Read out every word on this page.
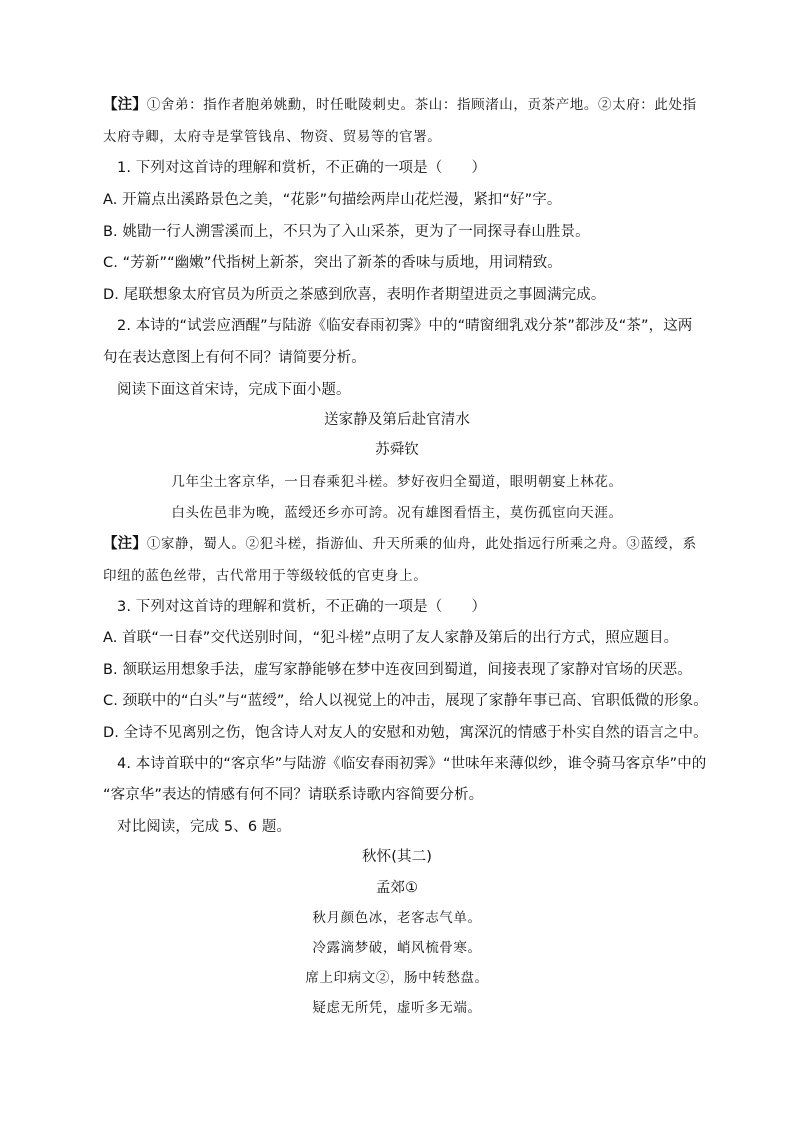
【注】①舍弟：指作者胞弟姚勳，时任毗陵刺史。茶山：指顾渚山，贡茶产地。②太府：此处指
太府寺卿，太府寺是掌管钱帛、物资、贸易等的官署。
1. 下列对这首诗的理解和赏析，不正确的一项是（　　）
A. 开篇点出溪路景色之美，“花影”句描绘两岸山花烂漫，紧扣“好”字。
B. 姚勖一行人溯霅溪而上，不只为了入山采茶，更为了一同探寻春山胜景。
C. “芳新”“幽嫩”代指树上新茶，突出了新茶的香味与质地，用词精致。
D. 尾联想象太府官员为所贡之茶感到欣喜，表明作者期望进贡之事圆满完成。
2. 本诗的“试尝应酒醒”与陆游《临安春雨初霁》中的“晴窗细乳戏分茶”都涉及“茶”，这两
句在表达意图上有何不同？请简要分析。
阅读下面这首宋诗，完成下面小题。
送家静及第后赴官清水
苏舜钦
几年尘土客京华，一日春乘犯斗槎。梦好夜归全蜀道，眼明朝宴上林花。
白头佐邑非为晚，蓝绶还乡亦可誇。况有雄图看悟主，莫伤孤宦向天涯。
【注】①家静，蜀人。②犯斗槎，指游仙、升天所乘的仙舟，此处指远行所乘之舟。③蓝绶，系
印纽的蓝色丝带，古代常用于等级较低的官吏身上。
3. 下列对这首诗的理解和赏析，不正确的一项是（　　）
A. 首联“一日春”交代送别时间，“犯斗槎”点明了友人家静及第后的出行方式，照应题目。
B. 颔联运用想象手法，虚写家静能够在梦中连夜回到蜀道，间接表现了家静对官场的厌恶。
C. 颈联中的“白头”与“蓝绶”，给人以视觉上的冲击，展现了家静年事已高、官职低微的形象。
D. 全诗不见离别之伤，饱含诗人对友人的安慰和劝勉，寓深沉的情感于朴实自然的语言之中。
4. 本诗首联中的“客京华”与陆游《临安春雨初霁》“世味年来薄似纱，谁令骑马客京华”中的
“客京华”表达的情感有何不同？请联系诗歌内容简要分析。
对比阅读，完成 5、6 题。
秋怀(其二)
孟郊①
秋月颜色冰，老客志气单。
冷露滴梦破，峭风梳骨寒。
席上印病文②，肠中转愁盘。
疑虑无所凭，虚听多无端。
